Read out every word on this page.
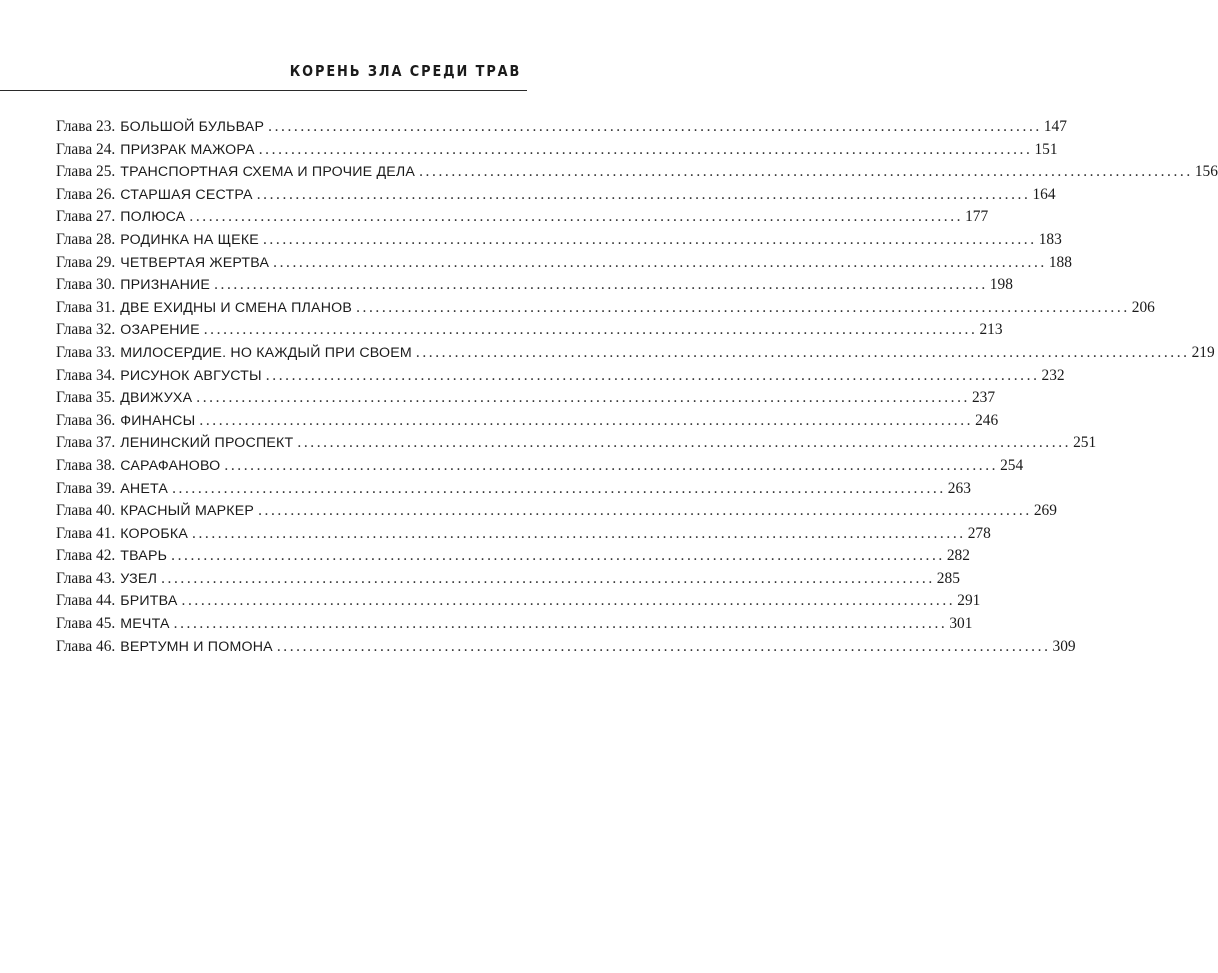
КОРЕНЬ ЗЛА СРЕДИ ТРАВ
Глава 23. БОЛЬШОЙ БУЛЬВАР ........................................................................................................................ 147
Глава 24. ПРИЗРАК МАЖОРА ........................................................................................................................ 151
Глава 25. ТРАНСПОРТНАЯ СХЕМА И ПРОЧИЕ ДЕЛА ........................................................................................................................ 156
Глава 26. СТАРШАЯ СЕСТРА ........................................................................................................................ 164
Глава 27. ПОЛЮСА ........................................................................................................................ 177
Глава 28. РОДИНКА НА ЩЕКЕ ........................................................................................................................ 183
Глава 29. ЧЕТВЕРТАЯ ЖЕРТВА ........................................................................................................................ 188
Глава 30. ПРИЗНАНИЕ ........................................................................................................................ 198
Глава 31. ДВЕ ЕХИДНЫ И СМЕНА ПЛАНОВ ........................................................................................................................ 206
Глава 32. ОЗАРЕНИЕ ........................................................................................................................ 213
Глава 33. МИЛОСЕРДИЕ. НО КАЖДЫЙ ПРИ СВОЕМ ........................................................................................................................ 219
Глава 34. РИСУНОК АВГУСТЫ ........................................................................................................................ 232
Глава 35. ДВИЖУХА ........................................................................................................................ 237
Глава 36. ФИНАНСЫ ........................................................................................................................ 246
Глава 37. ЛЕНИНСКИЙ ПРОСПЕКТ ........................................................................................................................ 251
Глава 38. САРАФАНОВО ........................................................................................................................ 254
Глава 39. АНЕТА ........................................................................................................................ 263
Глава 40. КРАСНЫЙ МАРКЕР ........................................................................................................................ 269
Глава 41. КОРОБКА ........................................................................................................................ 278
Глава 42. ТВАРЬ ........................................................................................................................ 282
Глава 43. УЗЕЛ ........................................................................................................................ 285
Глава 44. БРИТВА ........................................................................................................................ 291
Глава 45. МЕЧТА ........................................................................................................................ 301
Глава 46. ВЕРТУМН И ПОМОНА ........................................................................................................................ 309
